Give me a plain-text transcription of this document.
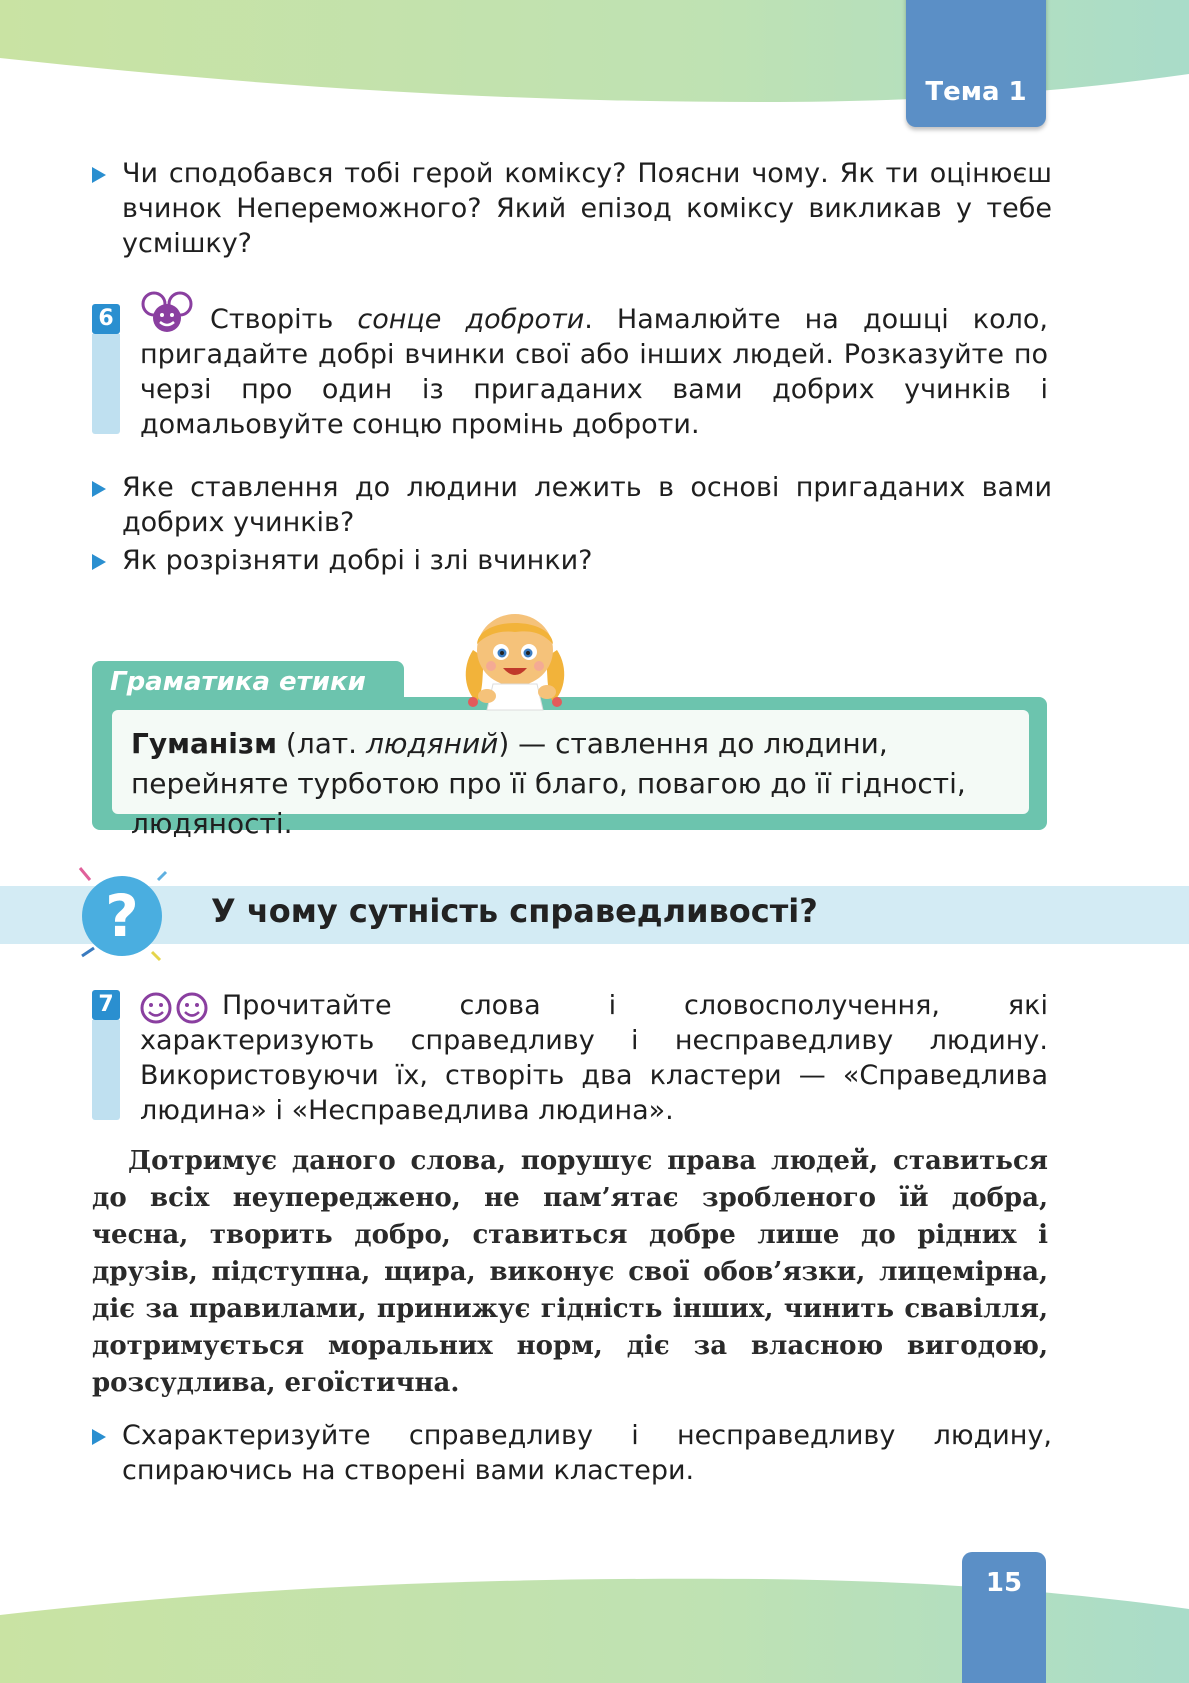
Тема 1
Чи сподобався тобі герой коміксу? Поясни чому. Як ти оцінюєш вчинок Непереможного? Який епізод коміксу викликав у тебе усмішку?
6	Створіть сонце доброти. Намалюйте на дошці коло, пригадайте добрі вчинки свої або інших людей. Розказуйте по черзі про один із пригаданих вами добрих учинків і домальовуйте сонцю промінь доброти.
Яке ставлення до людини лежить в основі пригаданих вами добрих учинків?
Як розрізняти добрі і злі вчинки?
Граматика етики
Гуманізм (лат. людяний) — ставлення до людини, перейняте турботою про її благо, повагою до її гідності, людяності.
? У чому сутність справедливості?
7	Прочитайте слова і словосполучення, які характеризують справедливу і несправедливу людину. Використовуючи їх, створіть два кластери — «Справедлива людина» і «Несправедлива людина».
Дотримує даного слова, порушує права людей, ставиться до всіх неупереджено, не пам’ятає зробленого їй добра, чесна, творить добро, ставиться добре лише до рідних і друзів, підступна, щира, виконує свої обов’язки, лицемірна, діє за правилами, принижує гідність інших, чинить свавілля, дотримується моральних норм, діє за власною вигодою, розсудлива, егоїстична.
Схарактеризуйте справедливу і несправедливу людину, спираючись на створені вами кластери.
15
